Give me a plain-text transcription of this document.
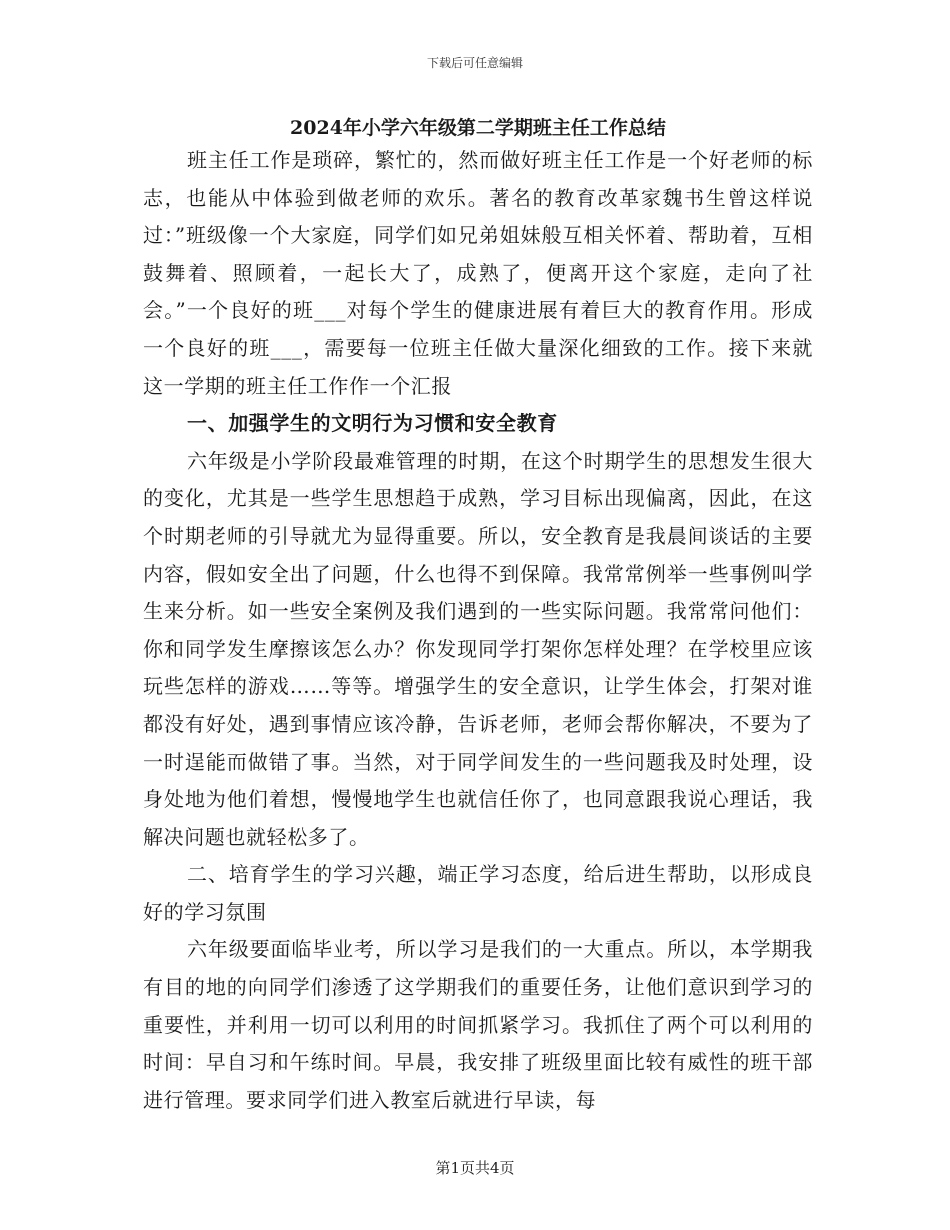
下载后可任意编辑
2024年小学六年级第二学期班主任工作总结

班主任工作是琐碎，繁忙的，然而做好班主任工作是一个好老师的标志，也能从中体验到做老师的欢乐。著名的教育改革家魏书生曾这样说过：”班级像一个大家庭，同学们如兄弟姐妹般互相关怀着、帮助着，互相鼓舞着、照顾着，一起长大了，成熟了，便离开这个家庭，走向了社会。”一个良好的班___对每个学生的健康进展有着巨大的教育作用。形成一个良好的班___，需要每一位班主任做大量深化细致的工作。接下来就这一学期的班主任工作作一个汇报

一、加强学生的文明行为习惯和安全教育

六年级是小学阶段最难管理的时期，在这个时期学生的思想发生很大的变化，尤其是一些学生思想趋于成熟，学习目标出现偏离，因此，在这个时期老师的引导就尤为显得重要。所以，安全教育是我晨间谈话的主要内容，假如安全出了问题，什么也得不到保障。我常常例举一些事例叫学生来分析。如一些安全案例及我们遇到的一些实际问题。我常常问他们：你和同学发生摩擦该怎么办？你发现同学打架你怎样处理？在学校里应该玩些怎样的游戏……等等。增强学生的安全意识，让学生体会，打架对谁都没有好处，遇到事情应该冷静，告诉老师，老师会帮你解决，不要为了一时逞能而做错了事。当然，对于同学间发生的一些问题我及时处理，设身处地为他们着想，慢慢地学生也就信任你了，也同意跟我说心理话，我解决问题也就轻松多了。

二、培育学生的学习兴趣，端正学习态度，给后进生帮助，以形成良好的学习氛围

六年级要面临毕业考，所以学习是我们的一大重点。所以，本学期我有目的地的向同学们渗透了这学期我们的重要任务，让他们意识到学习的重要性，并利用一切可以利用的时间抓紧学习。我抓住了两个可以利用的时间：早自习和午练时间。早晨，我安排了班级里面比较有威性的班干部进行管理。要求同学们进入教室后就进行早读，每

第1页共4页
